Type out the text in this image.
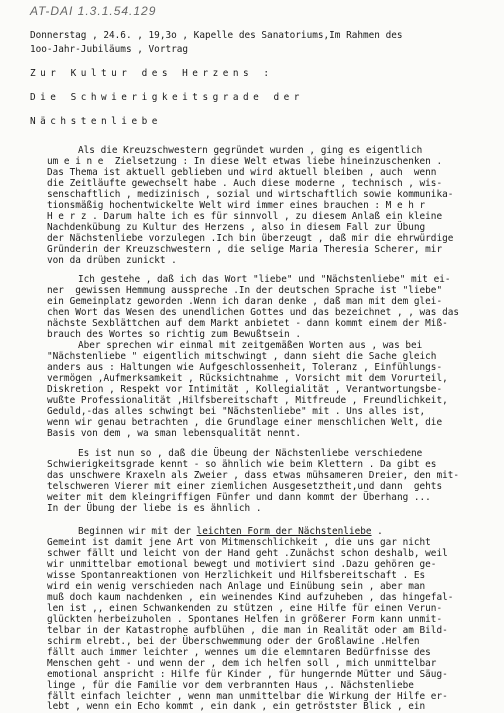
AT-DAI 1.3.1.54.129
Donnerstag , 24.6. , 19,3o , Kapelle des Sanatoriums,Im Rahmen des
1oo-Jahr-Jubiläums , Vortrag
Zur Kultur des Herzens :
Die Schwierigkeitsgrade der
Nächstenliebe
Als die Kreuzschwestern gegründet wurden , ging es eigentlich
um e i n e  Zielsetzung : In diese Welt etwas liebe hineinzuschenken .
Das Thema ist aktuell geblieben und wird aktuell bleiben , auch  wenn
die Zeitläufte gewechselt habe . Auch diese moderne , technisch , wis-
senschaftlich , medizinisch , sozial und wirtschaftlich sowie kommunika-
tionsmäßig hochentwickelte Welt wird immer eines brauchen : M e h r
H e r z . Darum halte ich es für sinnvoll , zu diesem Anlaß ein kleine
Nachdenkübung zu Kultur des Herzens , also in diesem Fall zur Übung
der Nächstenliebe vorzulegen .Ich bin überzeugt , daß mir die ehrwürdige
Gründerin der Kreuzschwestern , die selige Maria Theresia Scherer, mir
von da drüben zunickt .
Ich gestehe , daß ich das Wort "liebe" und "Nächstenliebe" mit ei-
ner  gewissen Hemmung ausspreche .In der deutschen Sprache ist "liebe"
ein Gemeinplatz geworden .Wenn ich daran denke , daß man mit dem glei-
chen Wort das Wesen des unendlichen Gottes und das bezeichnet , , was das
nächste Sexblättchen auf dem Markt anbietet - dann kommt einem der Miß-
brauch des Wortes so richtig zum Bewußtsein .
Aber sprechen wir einmal mit zeitgemäßen Worten aus , was bei
"Nächstenliebe " eigentlich mitschwingt , dann sieht die Sache gleich
anders aus : Haltungen wie Aufgeschlossenheit, Toleranz , Einfühlungs-
vermögen ,Aufmerksamkeit , Rücksichtnahme , Vorsicht mit dem Vorurteil,
Diskretion , Respekt vor Intimität , Kollegialität , Verantwortungsbe-
wußte Professionalität ,Hilfsbereitschaft , Mitfreude , Freundlichkeit,
Geduld,-das alles schwingt bei "Nächstenliebe" mit . Uns alles ist,
wenn wir genau betrachten , die Grundlage einer menschlichen Welt, die
Basis von dem , wa sman lebensqualität nennt.
Es ist nun so , daß die Übeung der Nächstenliebe verschiedene
Schwierigkeitsgrade kennt - so ähnlich wie beim Klettern . Da gibt es
das unschwere Kraxeln als Zweier , dass etwas mühsameren Dreier, den mit-
telschweren Vierer mit einer ziemlichen Ausgesetztheit,und dann  gehts
weiter mit dem kleingriffigen Fünfer und dann kommt der Überhang ...
In der Übung der liebe is es ähnlich .
Beginnen wir mit der leichten Form der Nächstenliebe .
Gemeint ist damit jene Art von Mitmenschlichkeit , die uns gar nicht
schwer fällt und leicht von der Hand geht .Zunächst schon deshalb, weil
wir unmittelbar emotional bewegt und motiviert sind .Dazu gehören ge-
wisse Spontanreaktionen von Herzlichkeit und Hilfsbereitschaft . Es
wird ein wenig verschieden nach Anlage und Einübung sein , aber man
muß doch kaum nachdenken , ein weinendes Kind aufzuheben , das hingefal-
len ist ,, einen Schwankenden zu stützen , eine Hilfe für einen Verun-
glückten herbeizuholen . Spontanes Helfen in größerer Form kann unmit-
telbar in der Katastrophe aufblühen , die man in Realität oder am Bild-
schirm elrebt., bei der Überschwemmung oder der Großlawine .Helfen
fällt auch immer leichter , wennes um die elemntaren Bedürfnisse des
Menschen geht - und wenn der , dem ich helfen soll , mich unmittelbar
emotional anspricht : Hilfe für Kinder , für hungernde Mütter und Säug-
linge , für die Familie vor dem verbrannten Haus ,. Nächstenliebe
fällt einfach leichter , wenn man unmittelbar die Wirkung der Hilfe er-
lebt , wenn ein Echo kommt , ein dank , ein getröstster Blick , ein
